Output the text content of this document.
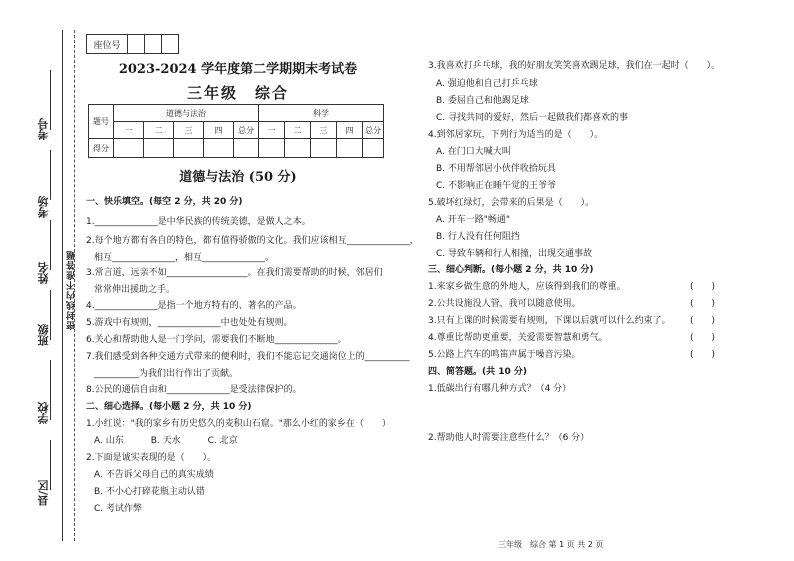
考号
考场
姓名
班级
学校
县/区
密封线内不准答题
座位号			
2023-2024 学年度第二学期期末考试卷
三年级　综合
题号	道德与法治					科学				
	一	二	三	四	总分	一	二	三	四	总分
得分										
道德与法治 (50 分)
一、快乐填空。(每空 2 分，共 20 分)
1.______________是中华民族的传统美德，是做人之本。
2.每个地方都有各自的特色，都有值得骄傲的文化。我们应该相互______________，
相互______________，相互______________。
3.常言道，远亲不如__________________。在我们需要帮助的时候，邻居们
常常伸出援助之手。
4.______________是指一个地方特有的、著名的产品。
5.游戏中有规则，______________中也处处有规则。
6.关心和帮助他人是一门学问，需要我们不断地______________。
7.我们感受到各种交通方式带来的便利时，我们不能忘记交通岗位上的__________
__________为我们出行作出了贡献。
8.公民的通信自由和______________是受法律保护的。
二、细心选择。(每小题 2 分，共 10 分)
1.小红说："我的家乡有历史悠久的麦积山石窟。"那么小红的家乡在（　　）
A. 山东　　　B. 天水　　　C. 北京
2.下面是诚实表现的是（　　）。
A. 不告诉父母自己的真实成绩
B. 不小心打碎花瓶主动认错
C. 考试作弊
3.我喜欢打乒乓球，我的好朋友笑笑喜欢踢足球，我们在一起时（　　）。
A. 强迫他和自己打乒乓球
B. 委屈自己和他踢足球
C. 寻找共同的爱好，然后一起做我们都喜欢的事
4.到邻居家玩，下列行为适当的是（　　）。
A. 在门口大喊大叫
B. 不用帮邻居小伙伴收拾玩具
C. 不影响正在睡午觉的王爷爷
5.破坏红绿灯，会带来的后果是（　　）。
A. 开车一路"畅通"
B. 行人没有任何阻挡
C. 导致车辆和行人相撞，出现交通事故
三、细心判断。(每小题 2 分，共 10 分)
1.来家乡做生意的外地人，应该得到我们的尊重。	(　　)
2.公共设施没人管，我可以随意使用。	(　　)
3.只有上课的时候需要有规则，下课以后就可以什么约束了。 (　　)
4.尊重比帮助更重要，关爱需要智慧和勇气。	(　　)
5.公路上汽车的鸣笛声属于噪音污染。	(　　)
四、简答题。(共 10 分)
1.低碳出行有哪几种方式？（4 分）
2.帮助他人时需要注意些什么？（6 分）
三年级　综合 第 1 页 共 2 页
